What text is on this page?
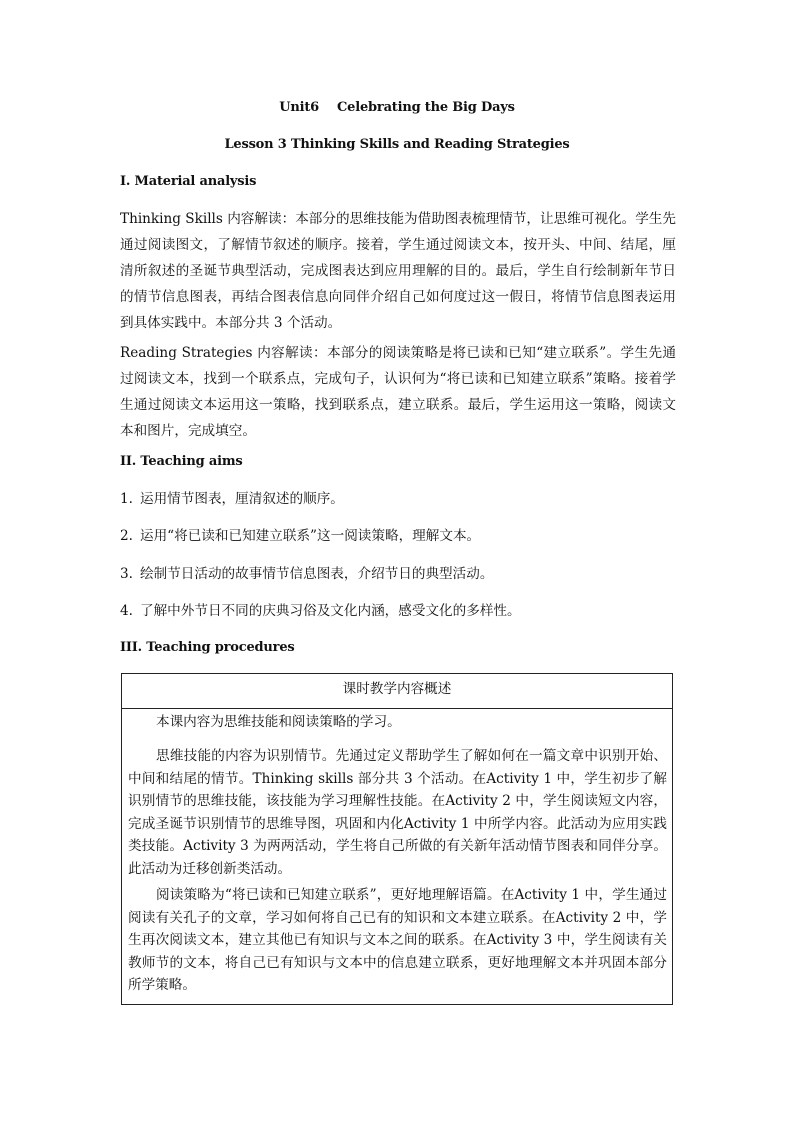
Unit6 Celebrating the Big Days
Lesson 3 Thinking Skills and Reading Strategies
I. Material analysis
Thinking Skills 内容解读：本部分的思维技能为借助图表梳理情节，让思维可视化。学生先通过阅读图文，了解情节叙述的顺序。接着，学生通过阅读文本，按开头、中间、结尾，厘清所叙述的圣诞节典型活动，完成图表达到应用理解的目的。最后，学生自行绘制新年节日的情节信息图表，再结合图表信息向同伴介绍自己如何度过这一假日，将情节信息图表运用到具体实践中。本部分共 3 个活动。
Reading Strategies 内容解读：本部分的阅读策略是将已读和已知“建立联系”。学生先通过阅读文本，找到一个联系点，完成句子，认识何为“将已读和已知建立联系”策略。接着学生通过阅读文本运用这一策略，找到联系点，建立联系。最后，学生运用这一策略，阅读文本和图片，完成填空。
II. Teaching aims
1. 运用情节图表，厘清叙述的顺序。
2. 运用“将已读和已知建立联系”这一阅读策略，理解文本。
3. 绘制节日活动的故事情节信息图表，介绍节日的典型活动。
4. 了解中外节日不同的庆典习俗及文化内涵，感受文化的多样性。
III. Teaching procedures
课时教学内容概述
本课内容为思维技能和阅读策略的学习。
思维技能的内容为识别情节。先通过定义帮助学生了解如何在一篇文章中识别开始、中间和结尾的情节。Thinking skills 部分共 3 个活动。在Activity 1 中，学生初步了解识别情节的思维技能，该技能为学习理解性技能。在Activity 2 中，学生阅读短文内容，完成圣诞节识别情节的思维导图，巩固和内化Activity 1 中所学内容。此活动为应用实践类技能。Activity 3 为两两活动，学生将自己所做的有关新年活动情节图表和同伴分享。此活动为迁移创新类活动。
阅读策略为“将已读和已知建立联系”，更好地理解语篇。在Activity 1 中，学生通过阅读有关孔子的文章，学习如何将自己已有的知识和文本建立联系。在Activity 2 中，学生再次阅读文本，建立其他已有知识与文本之间的联系。在Activity 3 中，学生阅读有关教师节的文本，将自己已有知识与文本中的信息建立联系，更好地理解文本并巩固本部分所学策略。
